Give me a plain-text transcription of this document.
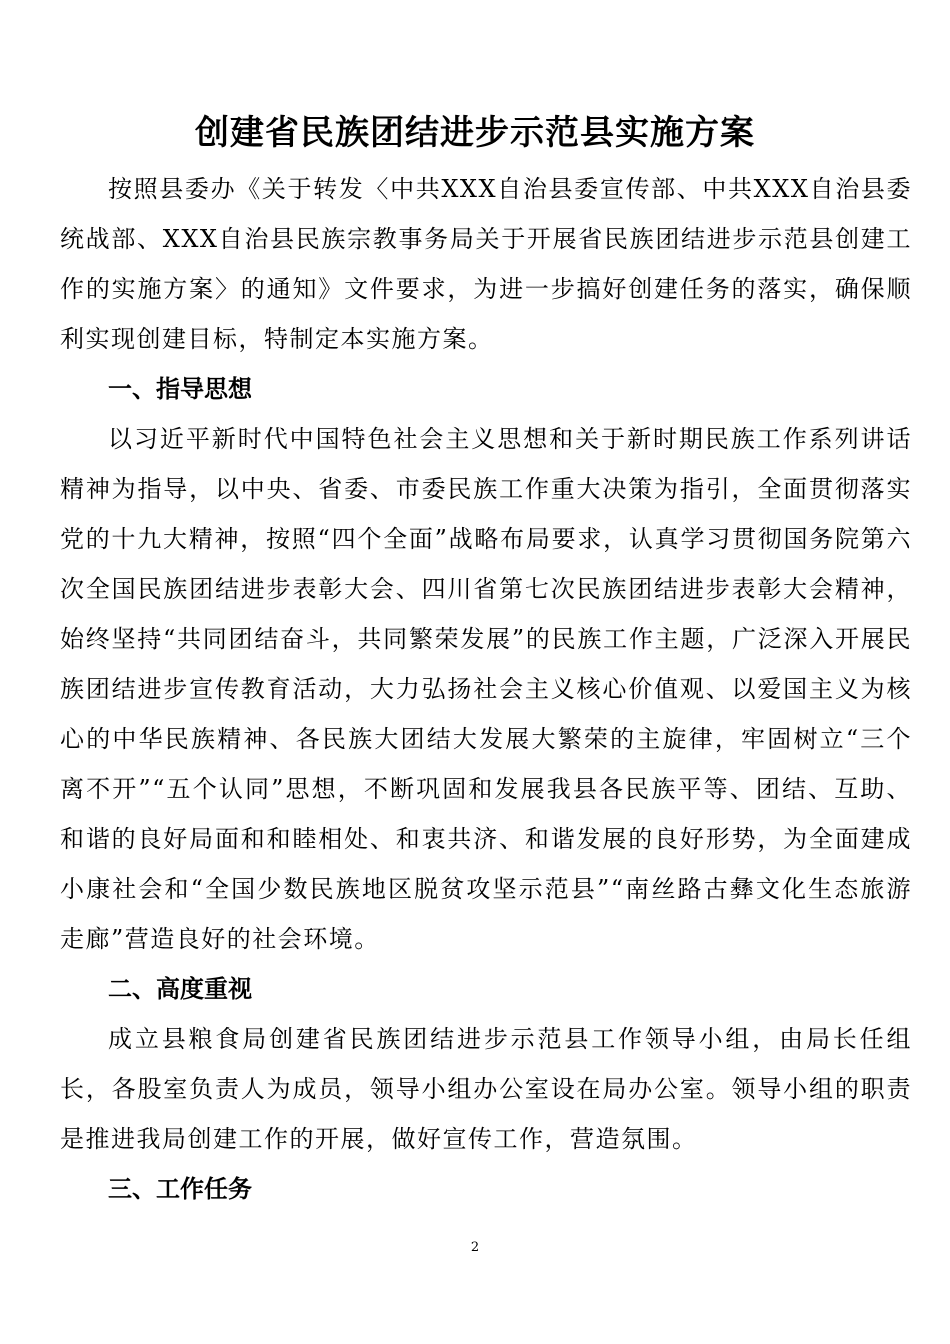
创建省民族团结进步示范县实施方案

按照县委办《关于转发〈中共XXX自治县委宣传部、中共XXX自治县委统战部、XXX自治县民族宗教事务局关于开展省民族团结进步示范县创建工作的实施方案〉的通知》文件要求，为进一步搞好创建任务的落实，确保顺利实现创建目标，特制定本实施方案。

一、指导思想

以习近平新时代中国特色社会主义思想和关于新时期民族工作系列讲话精神为指导，以中央、省委、市委民族工作重大决策为指引，全面贯彻落实党的十九大精神，按照“四个全面”战略布局要求，认真学习贯彻国务院第六次全国民族团结进步表彰大会、四川省第七次民族团结进步表彰大会精神，始终坚持“共同团结奋斗，共同繁荣发展”的民族工作主题，广泛深入开展民族团结进步宣传教育活动，大力弘扬社会主义核心价值观、以爱国主义为核心的中华民族精神、各民族大团结大发展大繁荣的主旋律，牢固树立“三个离不开”“五个认同”思想，不断巩固和发展我县各民族平等、团结、互助、和谐的良好局面和和睦相处、和衷共济、和谐发展的良好形势，为全面建成小康社会和“全国少数民族地区脱贫攻坚示范县”“南丝路古彝文化生态旅游走廊”营造良好的社会环境。

二、高度重视

成立县粮食局创建省民族团结进步示范县工作领导小组，由局长任组长，各股室负责人为成员，领导小组办公室设在局办公室。领导小组的职责是推进我局创建工作的开展，做好宣传工作，营造氛围。

三、工作任务
2
